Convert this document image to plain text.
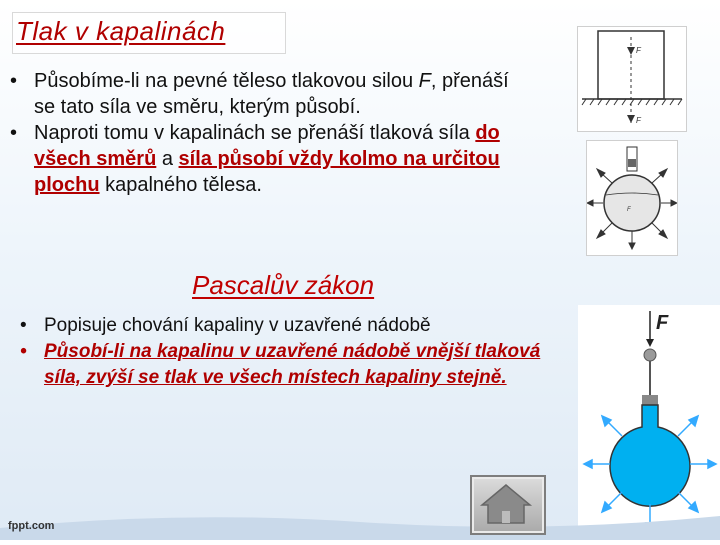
Tlak v kapalinách
• Působíme-li na pevné těleso tlakovou silou F, přenáší se tato síla ve směru, kterým působí.
• Naproti tomu v kapalinách se přenáší tlaková síla do všech směrů a síla působí vždy kolmo na určitou plochu kapalného tělesa.
Pascalův zákon
• Popisuje chování kapaliny v uzavřené nádobě
• Působí-li na kapalinu v uzavřené nádobě vnější tlaková síla, zvýší se tlak ve všech místech kapaliny stejně.
F
F
F
F
fppt.com
